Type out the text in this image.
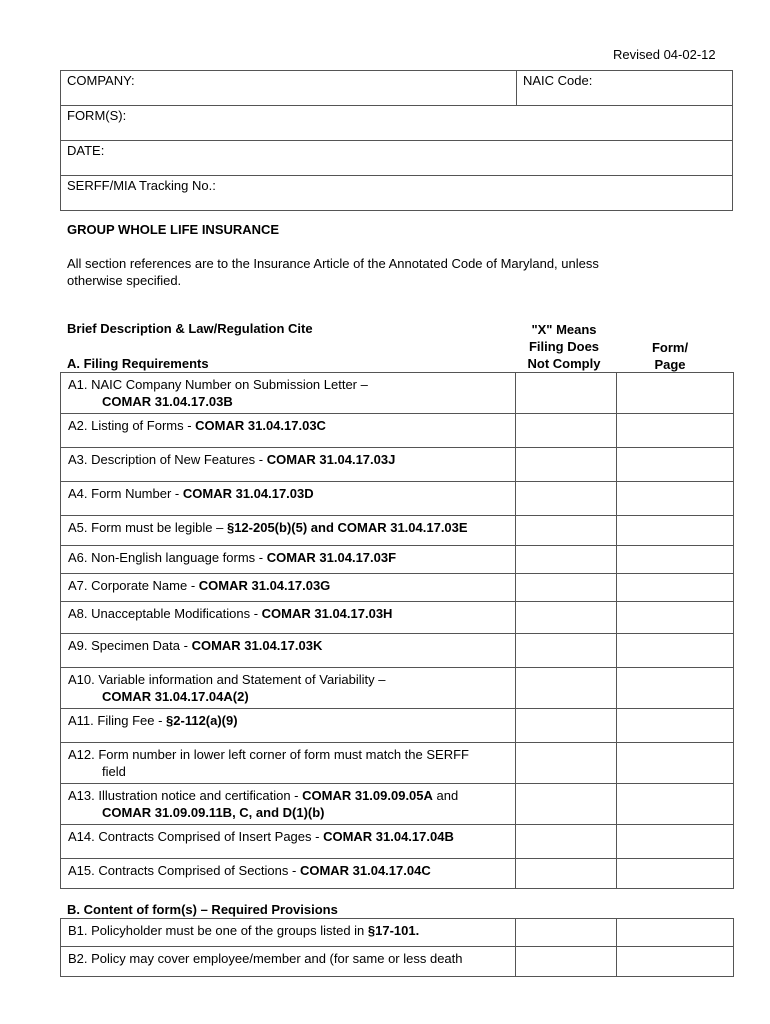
Revised 04-02-12
COMPANY:	NAIC Code:
FORM(S):
DATE:
SERFF/MIA Tracking No.:
GROUP WHOLE LIFE INSURANCE
All section references are to the Insurance Article of the Annotated Code of Maryland, unless otherwise specified.
Brief Description & Law/Regulation Cite	"X" Means
Filing Does
Not Comply
Form/
Page
A. Filing Requirements
A1. NAIC Company Number on Submission Letter –
COMAR 31.04.17.03B		

A2. Listing of Forms - COMAR 31.04.17.03C		
A3. Description of New Features - COMAR 31.04.17.03J		
A4. Form Number - COMAR 31.04.17.03D		
A5. Form must be legible – §12-205(b)(5) and COMAR 31.04.17.03E		
A6. Non-English language forms - COMAR 31.04.17.03F		
A7. Corporate Name - COMAR 31.04.17.03G		
A8. Unacceptable Modifications - COMAR 31.04.17.03H		
A9. Specimen Data - COMAR 31.04.17.03K		
A10. Variable information and Statement of Variability –
COMAR 31.04.17.04A(2)		

A11. Filing Fee - §2-112(a)(9)		
A12. Form number in lower left corner of form must match the SERFF
field		

A13. Illustration notice and certification - COMAR 31.09.09.05A and
COMAR 31.09.09.11B, C, and D(1)(b)		

A14. Contracts Comprised of Insert Pages - COMAR 31.04.17.04B		
A15. Contracts Comprised of Sections - COMAR 31.04.17.04C		
B. Content of form(s) – Required Provisions
B1. Policyholder must be one of the groups listed in §17-101.		
B2. Policy may cover employee/member and (for same or less death		
